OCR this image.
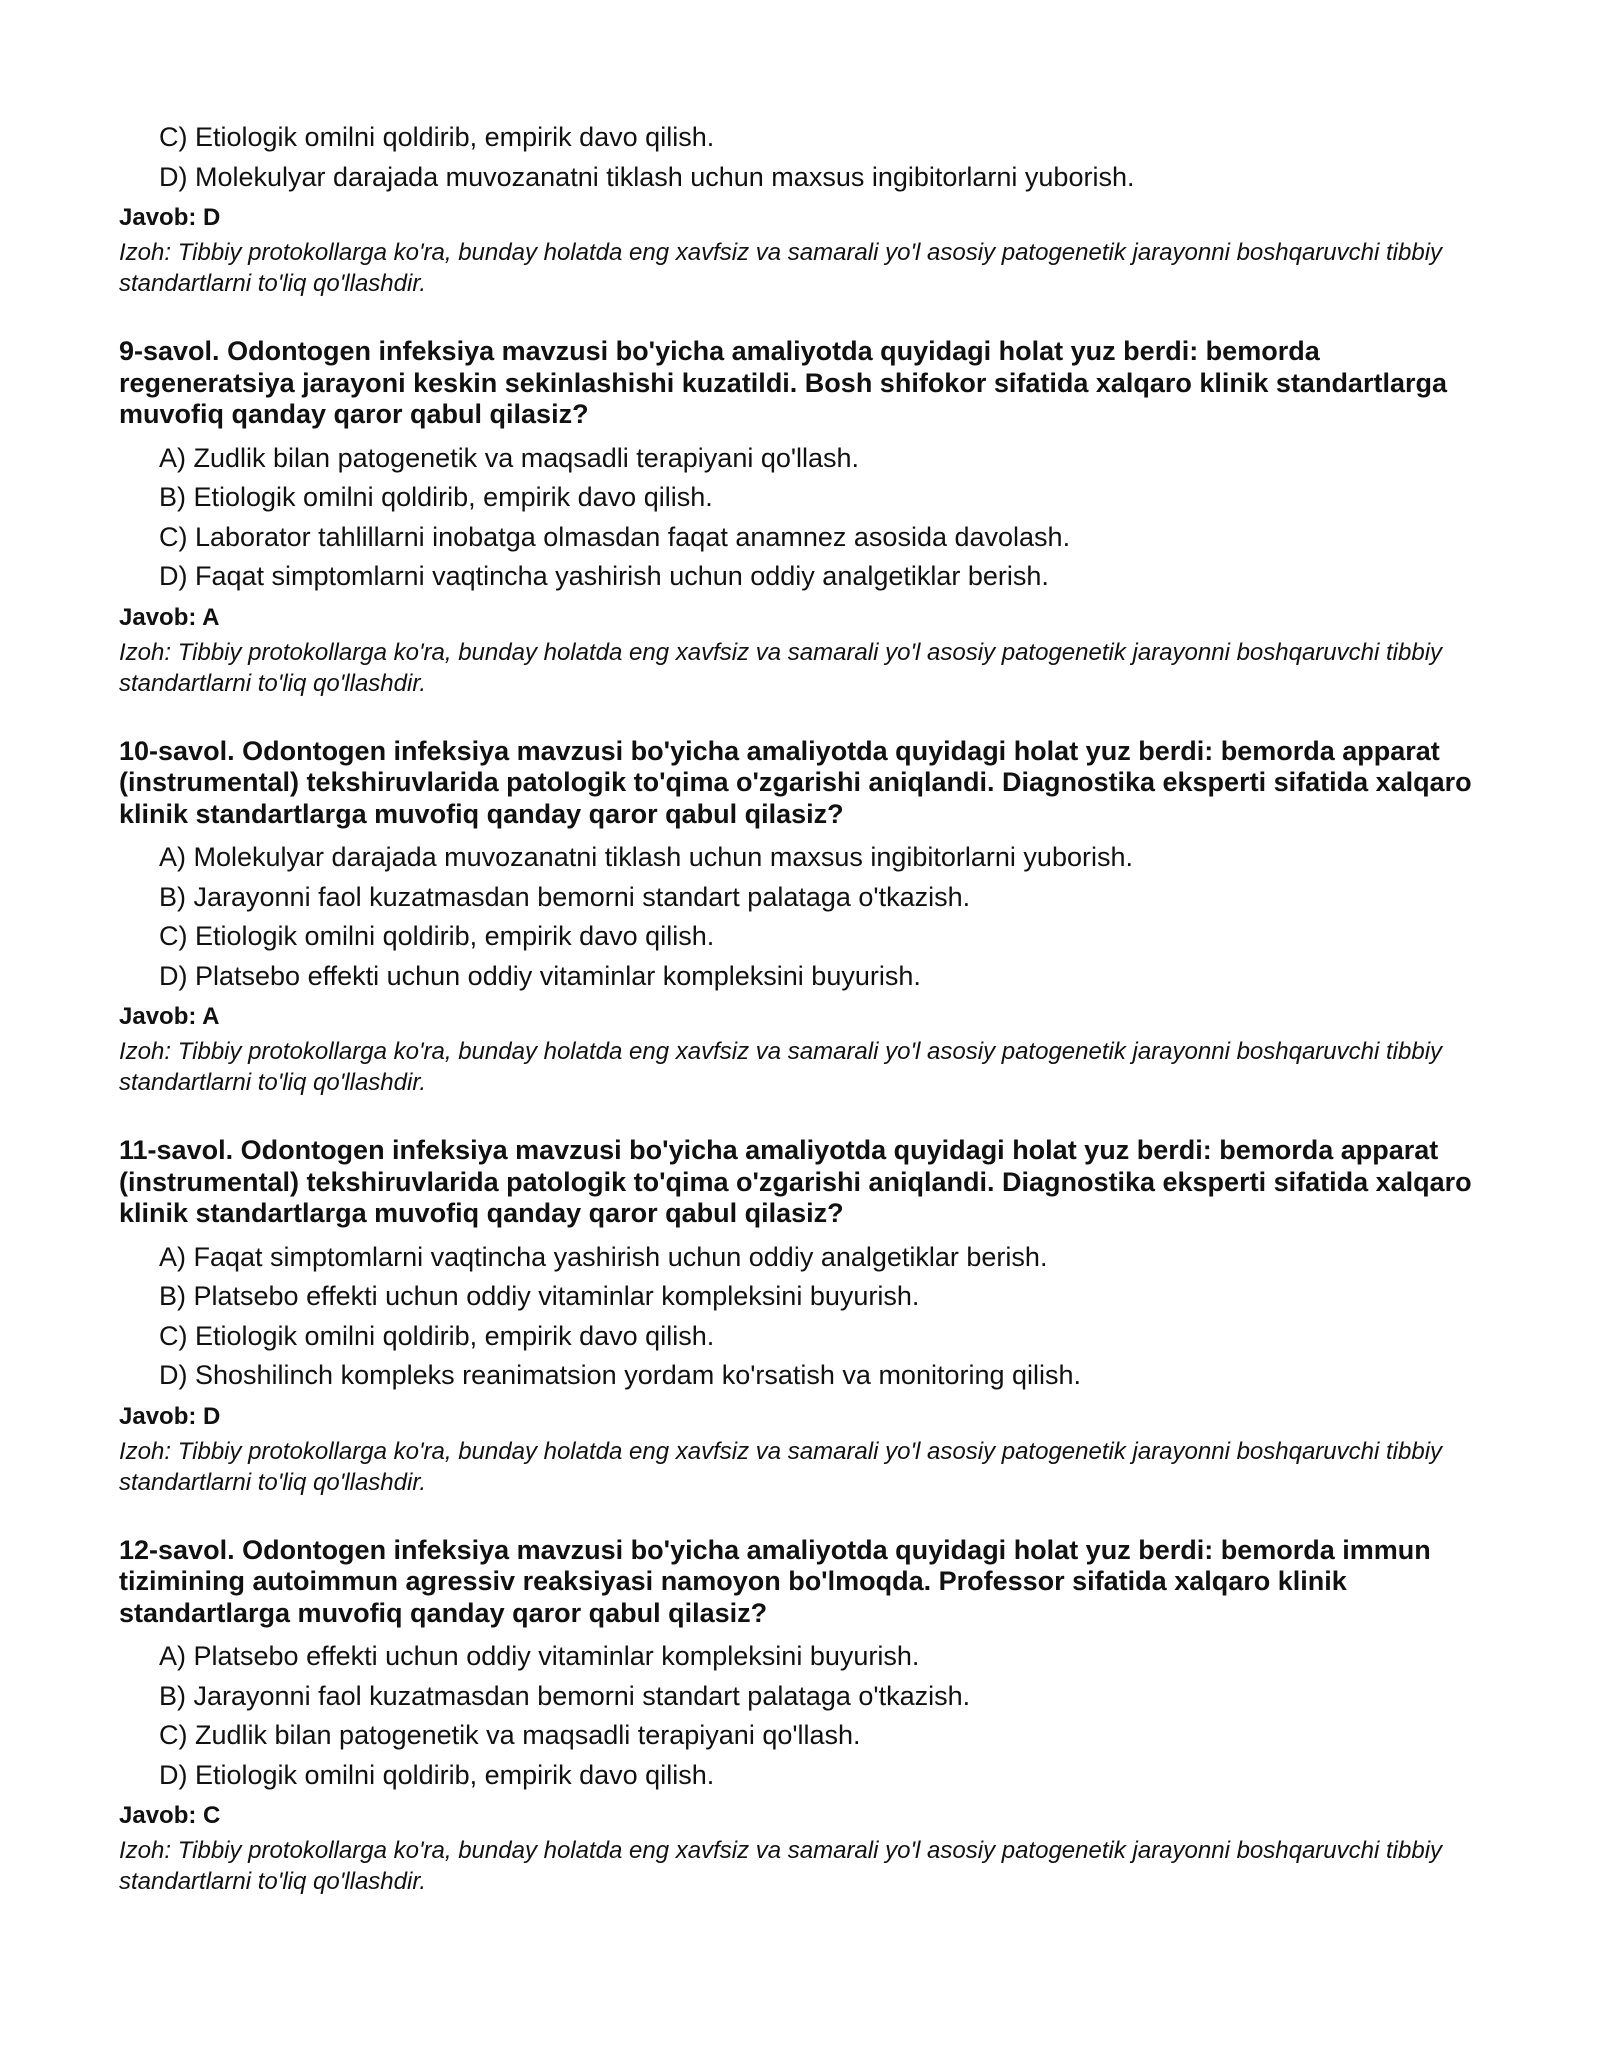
C) Etiologik omilni qoldirib, empirik davo qilish.
D) Molekulyar darajada muvozanatni tiklash uchun maxsus ingibitorlarni yuborish.
Javob: D
Izoh: Tibbiy protokollarga ko'ra, bunday holatda eng xavfsiz va samarali yo'l asosiy patogenetik jarayonni boshqaruvchi tibbiy standartlarni to'liq qo'llashdir.
9-savol. Odontogen infeksiya mavzusi bo'yicha amaliyotda quyidagi holat yuz berdi: bemorda regeneratsiya jarayoni keskin sekinlashishi kuzatildi. Bosh shifokor sifatida xalqaro klinik standartlarga muvofiq qanday qaror qabul qilasiz?
A) Zudlik bilan patogenetik va maqsadli terapiyani qo'llash.
B) Etiologik omilni qoldirib, empirik davo qilish.
C) Laborator tahlillarni inobatga olmasdan faqat anamnez asosida davolash.
D) Faqat simptomlarni vaqtincha yashirish uchun oddiy analgetiklar berish.
Javob: A
Izoh: Tibbiy protokollarga ko'ra, bunday holatda eng xavfsiz va samarali yo'l asosiy patogenetik jarayonni boshqaruvchi tibbiy standartlarni to'liq qo'llashdir.
10-savol. Odontogen infeksiya mavzusi bo'yicha amaliyotda quyidagi holat yuz berdi: bemorda apparat (instrumental) tekshiruvlarida patologik to'qima o'zgarishi aniqlandi. Diagnostika eksperti sifatida xalqaro klinik standartlarga muvofiq qanday qaror qabul qilasiz?
A) Molekulyar darajada muvozanatni tiklash uchun maxsus ingibitorlarni yuborish.
B) Jarayonni faol kuzatmasdan bemorni standart palataga o'tkazish.
C) Etiologik omilni qoldirib, empirik davo qilish.
D) Platsebo effekti uchun oddiy vitaminlar kompleksini buyurish.
Javob: A
Izoh: Tibbiy protokollarga ko'ra, bunday holatda eng xavfsiz va samarali yo'l asosiy patogenetik jarayonni boshqaruvchi tibbiy standartlarni to'liq qo'llashdir.
11-savol. Odontogen infeksiya mavzusi bo'yicha amaliyotda quyidagi holat yuz berdi: bemorda apparat (instrumental) tekshiruvlarida patologik to'qima o'zgarishi aniqlandi. Diagnostika eksperti sifatida xalqaro klinik standartlarga muvofiq qanday qaror qabul qilasiz?
A) Faqat simptomlarni vaqtincha yashirish uchun oddiy analgetiklar berish.
B) Platsebo effekti uchun oddiy vitaminlar kompleksini buyurish.
C) Etiologik omilni qoldirib, empirik davo qilish.
D) Shoshilinch kompleks reanimatsion yordam ko'rsatish va monitoring qilish.
Javob: D
Izoh: Tibbiy protokollarga ko'ra, bunday holatda eng xavfsiz va samarali yo'l asosiy patogenetik jarayonni boshqaruvchi tibbiy standartlarni to'liq qo'llashdir.
12-savol. Odontogen infeksiya mavzusi bo'yicha amaliyotda quyidagi holat yuz berdi: bemorda immun tizimining autoimmun agressiv reaksiyasi namoyon bo'lmoqda. Professor sifatida xalqaro klinik standartlarga muvofiq qanday qaror qabul qilasiz?
A) Platsebo effekti uchun oddiy vitaminlar kompleksini buyurish.
B) Jarayonni faol kuzatmasdan bemorni standart palataga o'tkazish.
C) Zudlik bilan patogenetik va maqsadli terapiyani qo'llash.
D) Etiologik omilni qoldirib, empirik davo qilish.
Javob: C
Izoh: Tibbiy protokollarga ko'ra, bunday holatda eng xavfsiz va samarali yo'l asosiy patogenetik jarayonni boshqaruvchi tibbiy standartlarni to'liq qo'llashdir.
